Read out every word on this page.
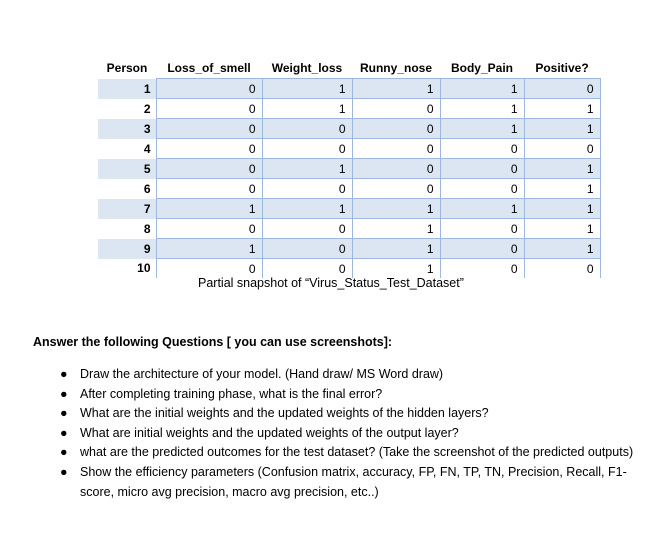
Person	Loss_of_smell	Weight_loss	Runny_nose	Body_Pain	Positive?
1	0	1	1	1	0
2	0	1	0	1	1
3	0	0	0	1	1
4	0	0	0	0	0
5	0	1	0	0	1
6	0	0	0	0	1
7	1	1	1	1	1
8	0	0	1	0	1
9	1	0	1	0	1
10	0	0	1	0	0
Partial snapshot of “Virus_Status_Test_Dataset”
Answer the following Questions [ you can use screenshots]:
● Draw the architecture of your model. (Hand draw/ MS Word draw)
● After completing training phase, what is the final error?
● What are the initial weights and the updated weights of the hidden layers?
● What are initial weights and the updated weights of the output layer?
● what are the predicted outcomes for the test dataset? (Take the screenshot of the predicted outputs)
● Show the efficiency parameters (Confusion matrix, accuracy, FP, FN, TP, TN, Precision, Recall, F1-score, micro avg precision, macro avg precision, etc..)
